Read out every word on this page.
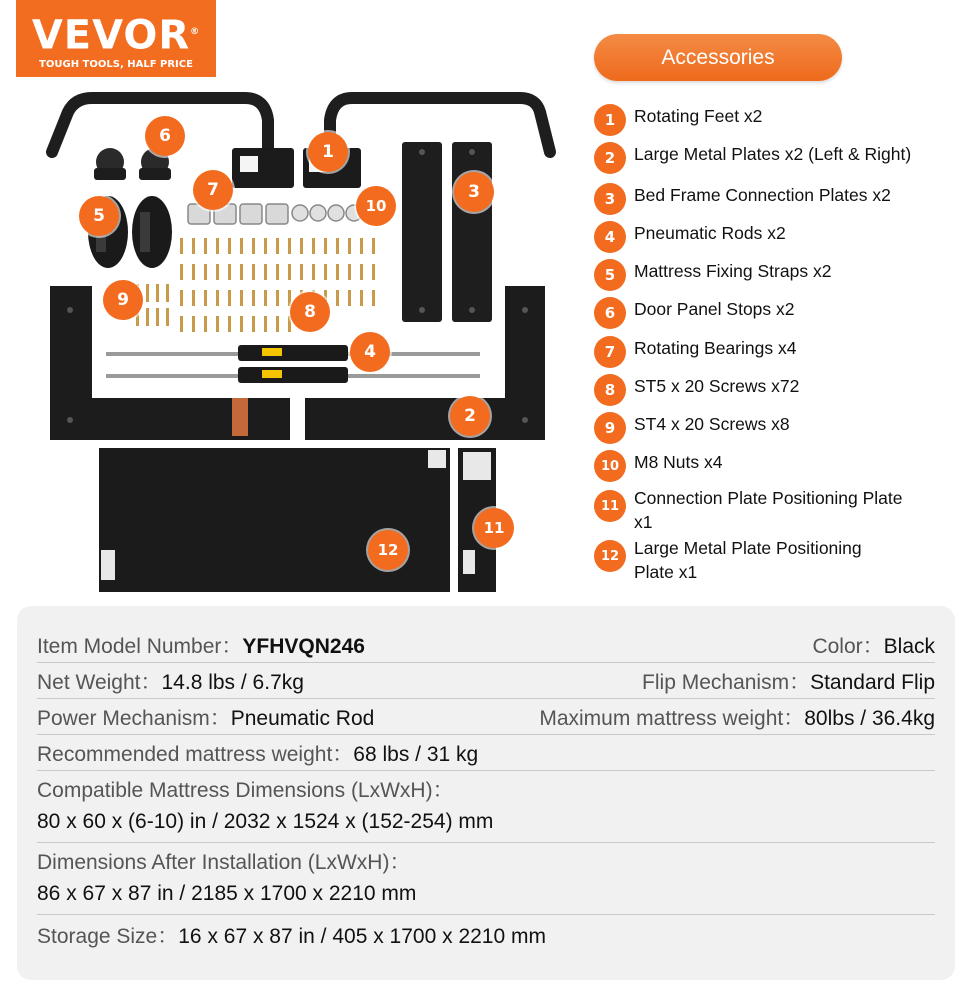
VEVOR®
TOUGH TOOLS, HALF PRICE	Accessories
1
2
3
4
5
6
7
8
9
10
11
12
1	Rotating Feet x2
2	Large Metal Plates x2 (Left & Right)
3	Bed Frame Connection Plates x2
4	Pneumatic Rods x2
5	Mattress Fixing Straps x2
6	Door Panel Stops x2
7	Rotating Bearings x4
8	ST5 x 20 Screws x72
9	ST4 x 20 Screws x8
10 M8 Nuts x4
11 Connection Plate Positioning Plate x1
12 Large Metal Plate Positioning Plate x1
Item Model Number：YFHVQN246	Color：Black
Net Weight：14.8 lbs / 6.7kg	Flip Mechanism：Standard Flip
Power Mechanism：Pneumatic Rod	Maximum mattress weight：80lbs / 36.4kg
Recommended mattress weight：68 lbs / 31 kg
Compatible Mattress Dimensions (LxWxH)：
80 x 60 x (6-10) in / 2032 x 1524 x (152-254) mm
Dimensions After Installation (LxWxH)：
86 x 67 x 87 in / 2185 x 1700 x 2210 mm
Storage Size：16 x 67 x 87 in / 405 x 1700 x 2210 mm
